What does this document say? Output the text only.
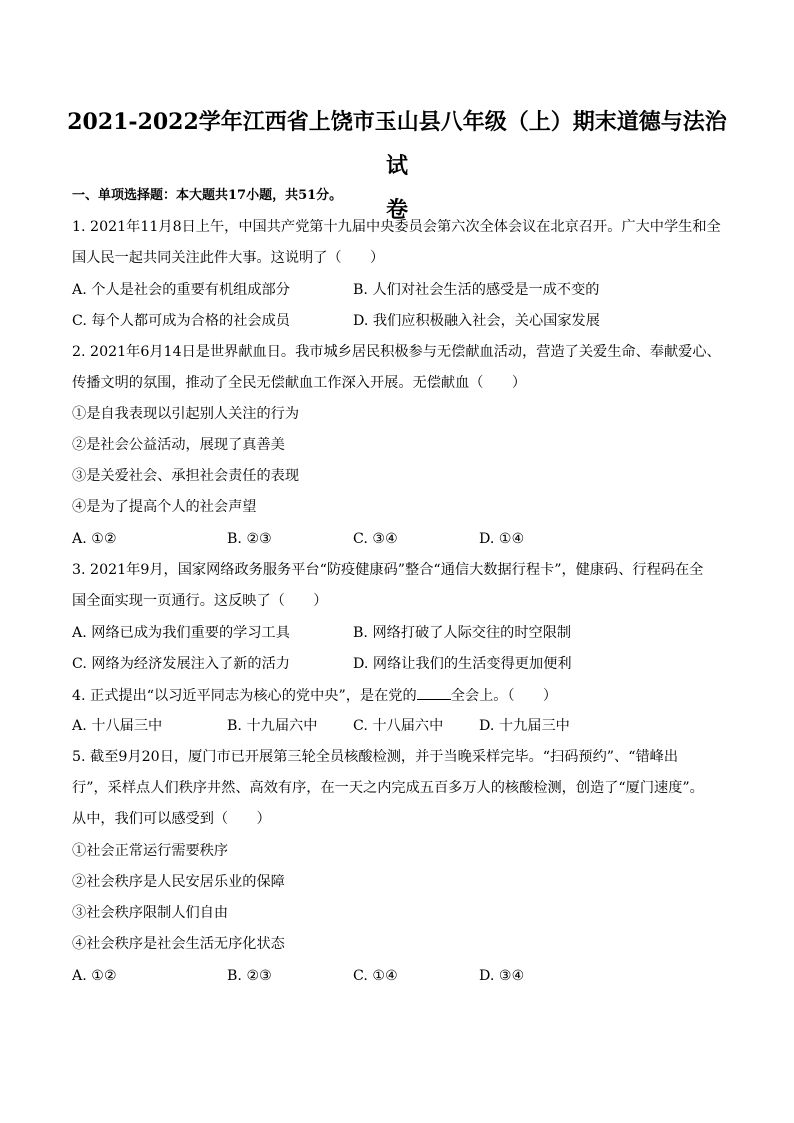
2021-2022学年江西省上饶市玉山县八年级（上）期末道德与法治试
卷
一、单项选择题：本大题共17小题，共51分。
1. 2021年11月8日上午，中国共产党第十九届中央委员会第六次全体会议在北京召开。广大中学生和全
国人民一起共同关注此件大事。这说明了（　　）
A. 个人是社会的重要有机组成部分	B. 人们对社会生活的感受是一成不变的
C. 每个人都可成为合格的社会成员	D. 我们应积极融入社会，关心国家发展
2. 2021年6月14日是世界献血日。我市城乡居民积极参与无偿献血活动，营造了关爱生命、奉献爱心、
传播文明的氛围，推动了全民无偿献血工作深入开展。无偿献血（　　）
①是自我表现以引起别人关注的行为
②是社会公益活动，展现了真善美
③是关爱社会、承担社会责任的表现
④是为了提高个人的社会声望
A. ①②	B. ②③	C. ③④	D. ①④
3. 2021年9月，国家网络政务服务平台“防疫健康码”整合“通信大数据行程卡”，健康码、行程码在全
国全面实现一页通行。这反映了（　　）
A. 网络已成为我们重要的学习工具	B. 网络打破了人际交往的时空限制
C. 网络为经济发展注入了新的活力	D. 网络让我们的生活变得更加便利
4. 正式提出“以习近平同志为核心的党中央”，是在党的 全会上。（　　）
A. 十八届三中	B. 十九届六中	C. 十八届六中	D. 十九届三中
5. 截至9月20日，厦门市已开展第三轮全员核酸检测，并于当晚采样完毕。“扫码预约”、“错峰出
行”，采样点人们秩序井然、高效有序，在一天之内完成五百多万人的核酸检测，创造了“厦门速度”。
从中，我们可以感受到（　　）
①社会正常运行需要秩序
②社会秩序是人民安居乐业的保障
③社会秩序限制人们自由
④社会秩序是社会生活无序化状态
A. ①②	B. ②③	C. ①④	D. ③④
